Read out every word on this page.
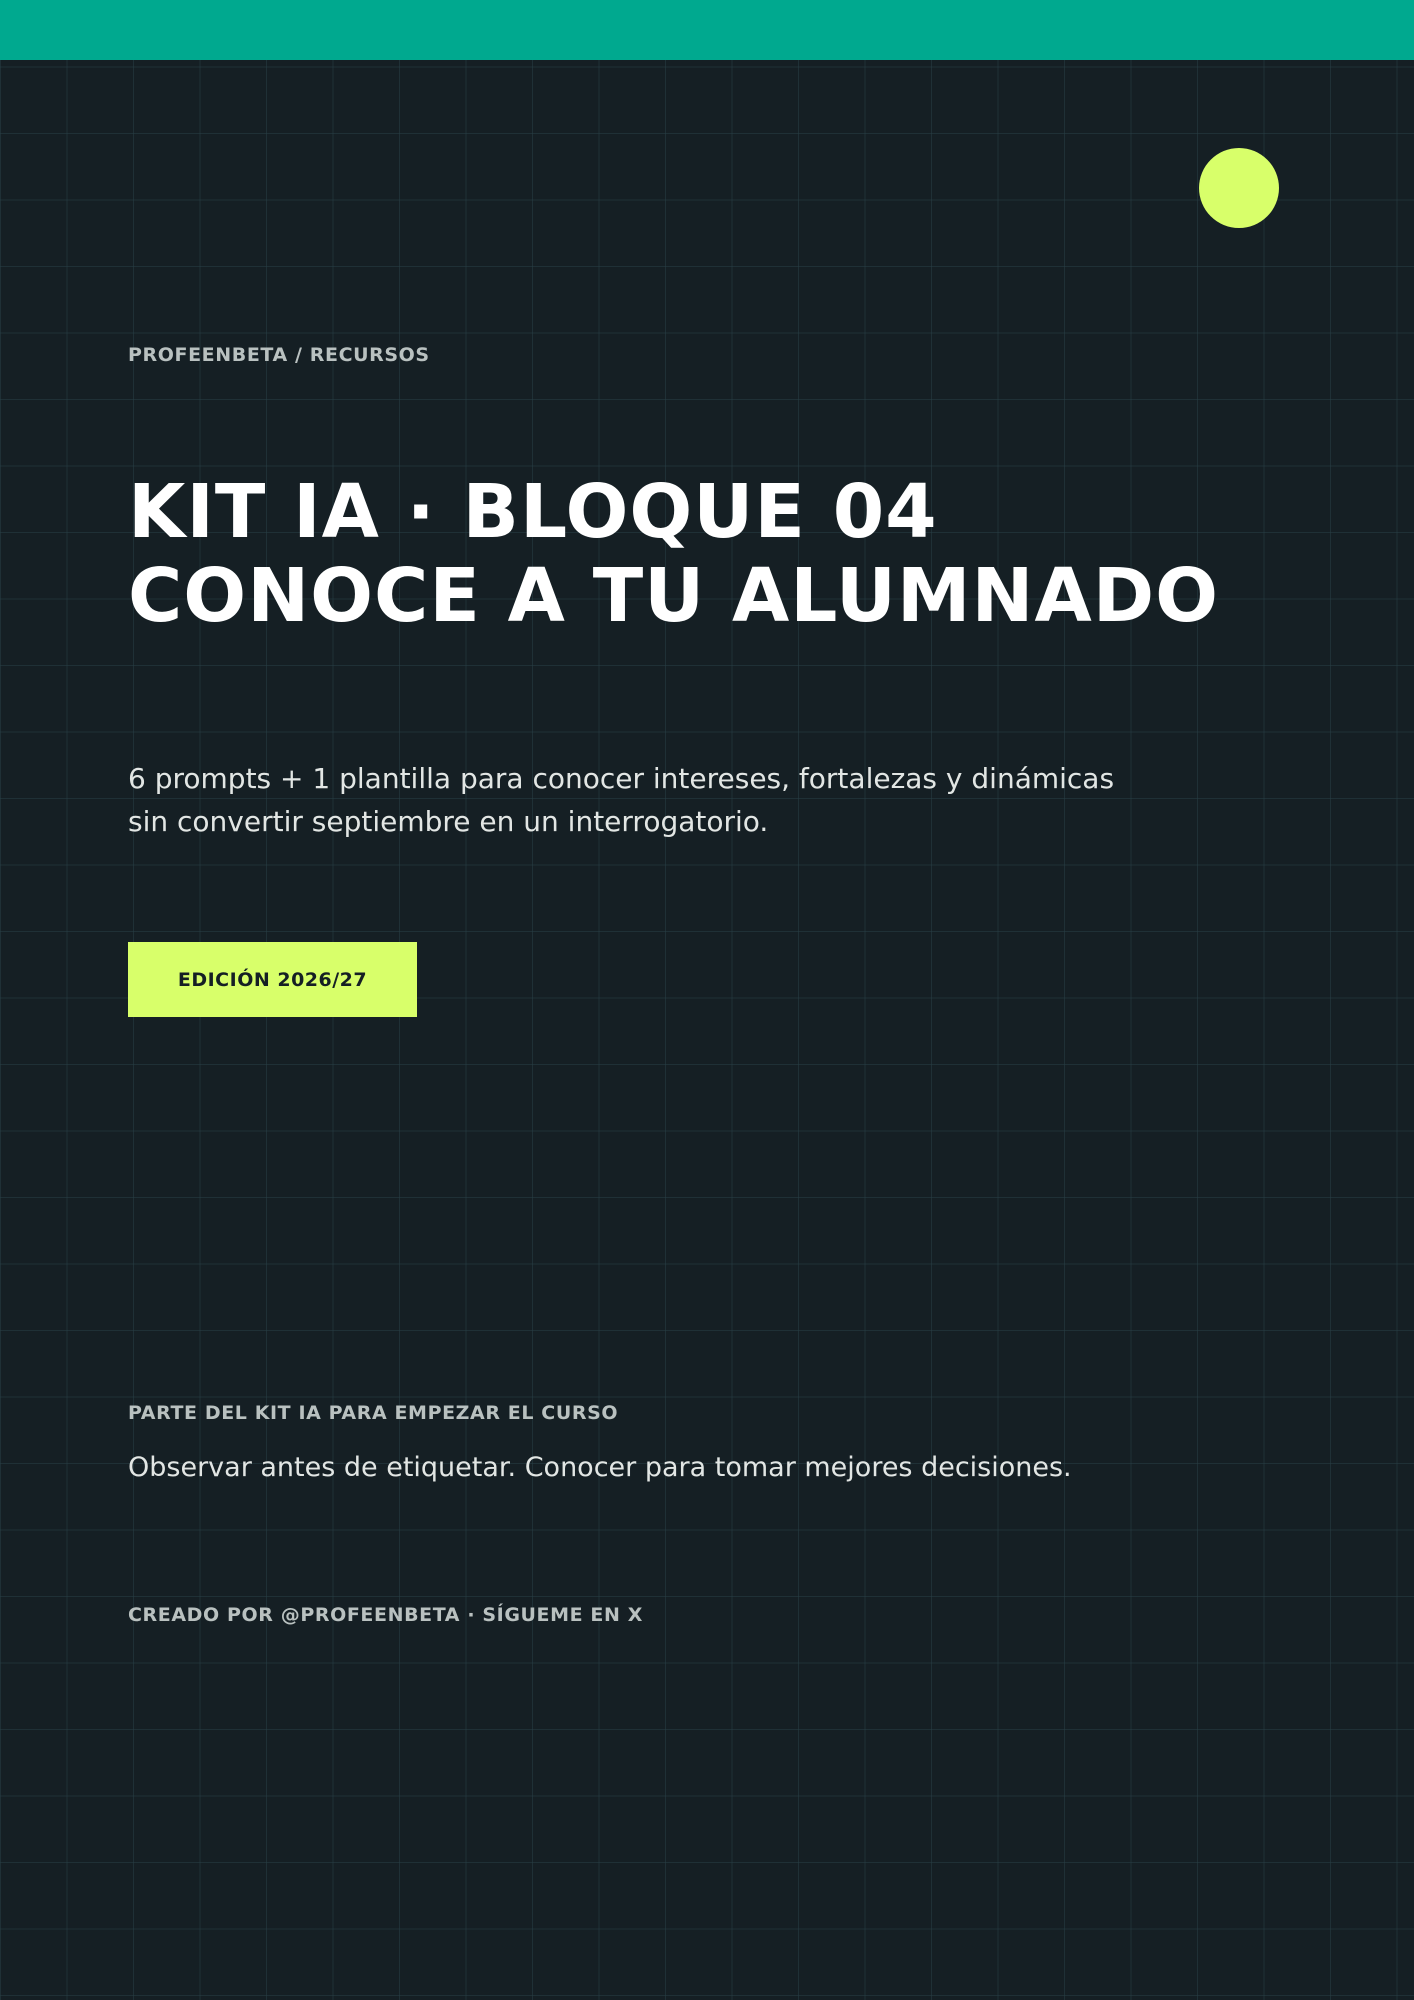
PROFEENBETA / RECURSOS
KIT IA · BLOQUE 04
CONOCE A TU ALUMNADO

6 prompts + 1 plantilla para conocer intereses, fortalezas y dinámicas
sin convertir septiembre en un interrogatorio.

EDICIÓN 2026/27
PARTE DEL KIT IA PARA EMPEZAR EL CURSO

Observar antes de etiquetar. Conocer para tomar mejores decisiones.

CREADO POR @PROFEENBETA · SÍGUEME EN X
